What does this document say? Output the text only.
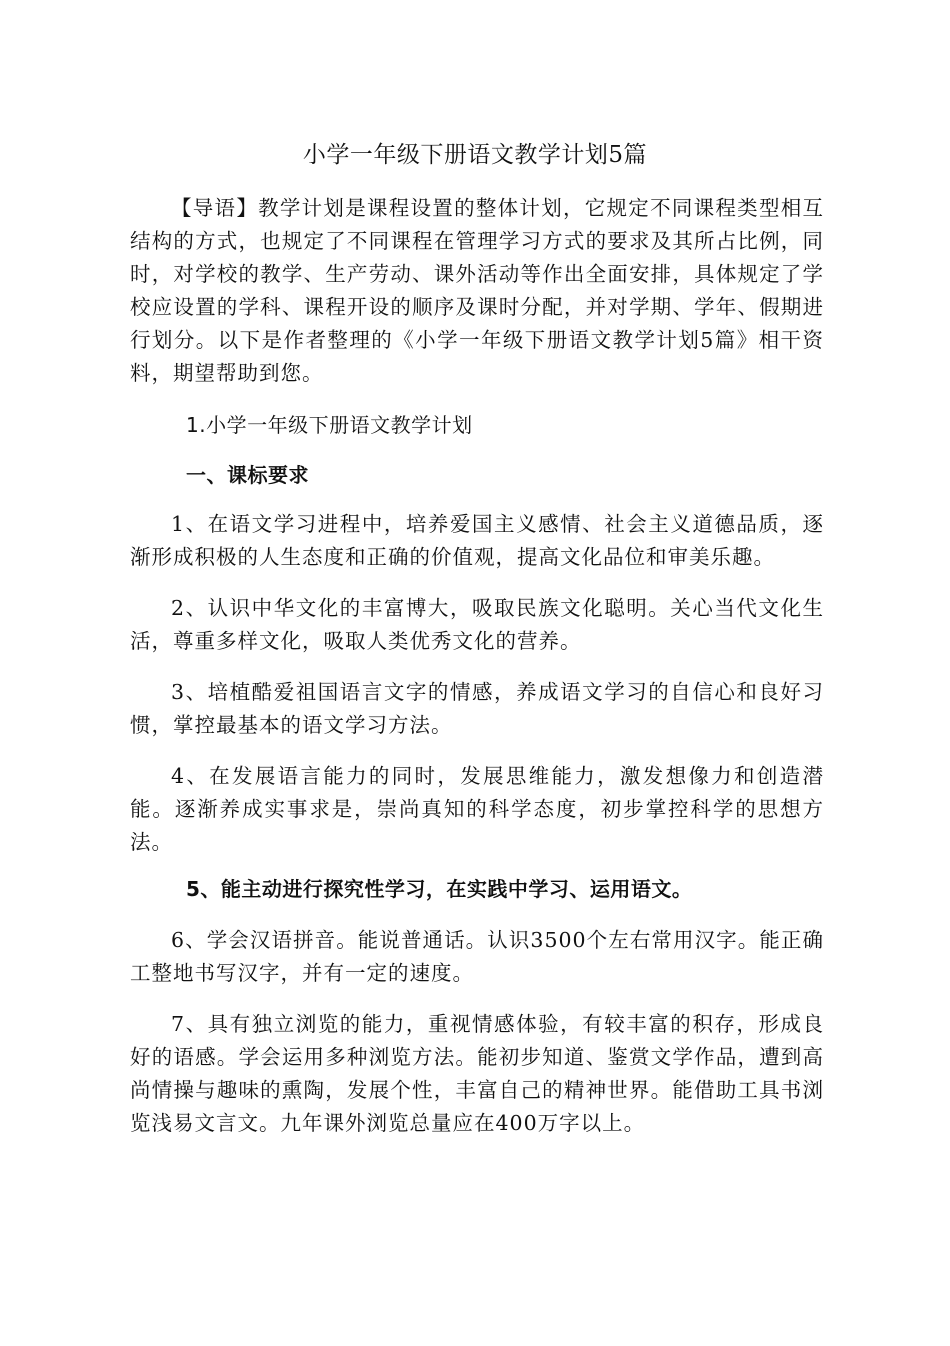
小学一年级下册语文教学计划5篇
【导语】教学计划是课程设置的整体计划，它规定不同课程类型相互结构的方式，也规定了不同课程在管理学习方式的要求及其所占比例，同时，对学校的教学、生产劳动、课外活动等作出全面安排，具体规定了学校应设置的学科、课程开设的顺序及课时分配，并对学期、学年、假期进行划分。以下是作者整理的《小学一年级下册语文教学计划5篇》相干资料，期望帮助到您。
1.小学一年级下册语文教学计划
一、课标要求
1、在语文学习进程中，培养爱国主义感情、社会主义道德品质，逐渐形成积极的人生态度和正确的价值观，提高文化品位和审美乐趣。
2、认识中华文化的丰富博大，吸取民族文化聪明。关心当代文化生活，尊重多样文化，吸取人类优秀文化的营养。
3、培植酷爱祖国语言文字的情感，养成语文学习的自信心和良好习惯，掌控最基本的语文学习方法。
4、在发展语言能力的同时，发展思维能力，激发想像力和创造潜能。逐渐养成实事求是，崇尚真知的科学态度，初步掌控科学的思想方法。
5、能主动进行探究性学习，在实践中学习、运用语文。
6、学会汉语拼音。能说普通话。认识3500个左右常用汉字。能正确工整地书写汉字，并有一定的速度。
7、具有独立浏览的能力，重视情感体验，有较丰富的积存，形成良好的语感。学会运用多种浏览方法。能初步知道、鉴赏文学作品，遭到高尚情操与趣味的熏陶，发展个性，丰富自己的精神世界。能借助工具书浏览浅易文言文。九年课外浏览总量应在400万字以上。
